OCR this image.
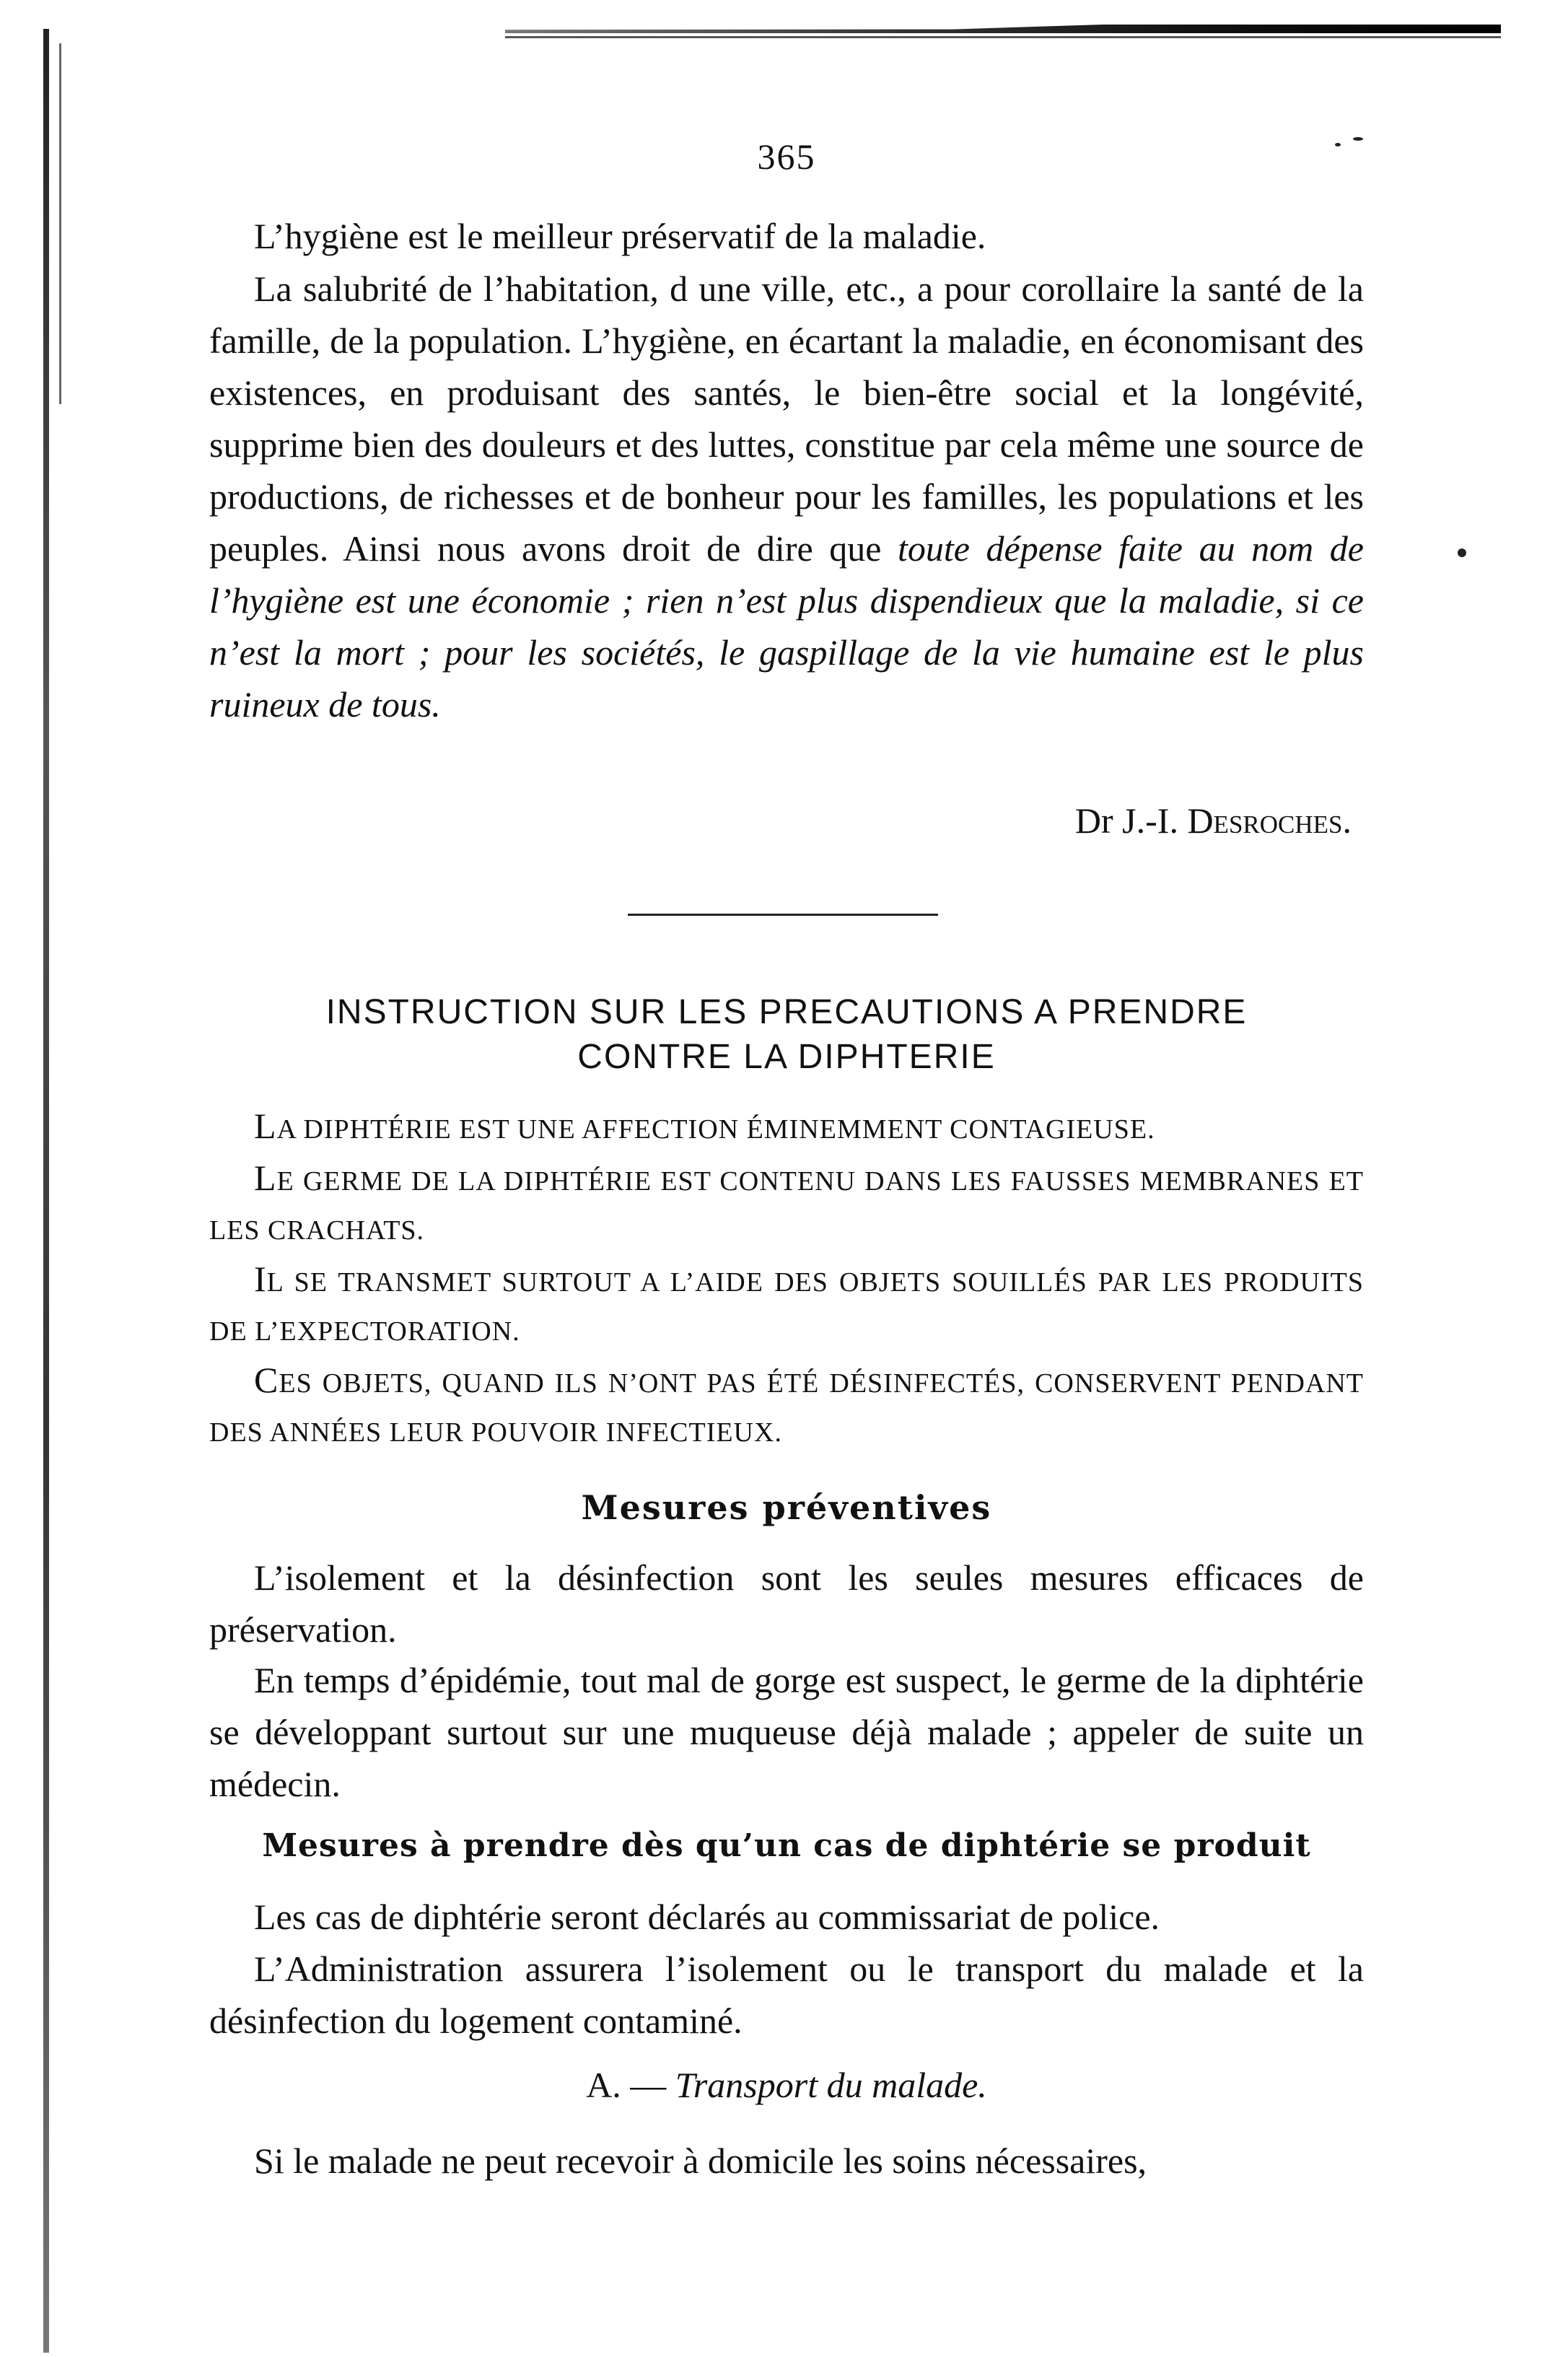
365
L’hygiène est le meilleur préservatif de la maladie.
La salubrité de l’habitation, d une ville, etc., a pour corollaire la santé de la famille, de la population. L’hygiène, en écartant la maladie, en économisant des existences, en produisant des santés, le bien-être social et la longévité, supprime bien des douleurs et des luttes, constitue par cela même une source de productions, de richesses et de bonheur pour les familles, les populations et les peuples. Ainsi nous avons droit de dire que toute dépense faite au nom de l’hygiène est une économie ; rien n’est plus dispendieux que la maladie, si ce n’est la mort ; pour les sociétés, le gaspillage de la vie humaine est le plus ruineux de tous.
Dr J.-I. Desroches.
INSTRUCTION SUR LES PRECAUTIONS A PRENDRE
CONTRE LA DIPHTERIE
LA DIPHTÉRIE EST UNE AFFECTION ÉMINEMMENT CONTAGIEUSE.
LE GERME DE LA DIPHTÉRIE EST CONTENU DANS LES FAUSSES MEMBRANES ET LES CRACHATS.
IL SE TRANSMET SURTOUT A L’AIDE DES OBJETS SOUILLÉS PAR LES PRODUITS DE L’EXPECTORATION.
CES OBJETS, QUAND ILS N’ONT PAS ÉTÉ DÉSINFECTÉS, CONSERVENT PENDANT DES ANNÉES LEUR POUVOIR INFECTIEUX.
Mesures préventives
L’isolement et la désinfection sont les seules mesures efficaces de préservation.
En temps d’épidémie, tout mal de gorge est suspect, le germe de la diphtérie se développant surtout sur une muqueuse déjà malade ; appeler de suite un médecin.
Mesures à prendre dès qu’un cas de diphtérie se produit
Les cas de diphtérie seront déclarés au commissariat de police.
L’Administration assurera l’isolement ou le transport du malade et la désinfection du logement contaminé.
A. — Transport du malade.
Si le malade ne peut recevoir à domicile les soins nécessaires,
